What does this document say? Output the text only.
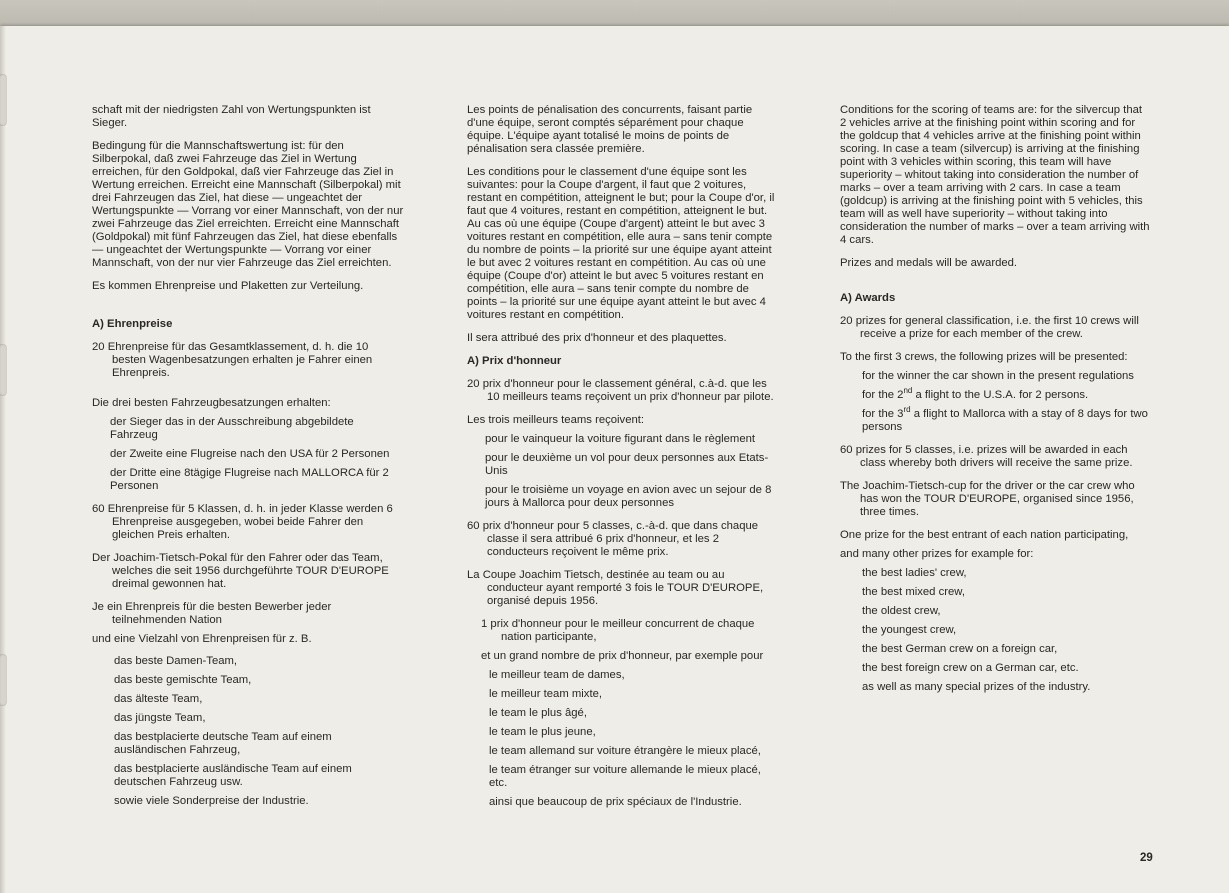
schaft mit der niedrigsten Zahl von Wertungspunkten ist Sieger.

Bedingung für die Mannschaftswertung ist: für den Silberpokal, daß zwei Fahrzeuge das Ziel in Wertung erreichen, für den Goldpokal, daß vier Fahrzeuge das Ziel in Wertung erreichen. Erreicht eine Mannschaft (Silberpokal) mit drei Fahrzeugen das Ziel, hat diese — ungeachtet der Wertungspunkte — Vorrang vor einer Mannschaft, von der nur zwei Fahrzeuge das Ziel erreichten. Erreicht eine Mannschaft (Goldpokal) mit fünf Fahrzeugen das Ziel, hat diese ebenfalls — ungeachtet der Wertungspunkte — Vorrang vor einer Mannschaft, von der nur vier Fahrzeuge das Ziel erreichten.

Es kommen Ehrenpreise und Plaketten zur Verteilung.

A) Ehrenpreise

20 Ehrenpreise für das Gesamtklassement, d. h. die 10 besten Wagenbesatzungen erhalten je Fahrer einen Ehrenpreis.

Die drei besten Fahrzeugbesatzungen erhalten:

der Sieger das in der Ausschreibung abgebildete Fahrzeug

der Zweite eine Flugreise nach den USA für 2 Personen

der Dritte eine 8tägige Flugreise nach MALLORCA für 2 Personen

60 Ehrenpreise für 5 Klassen, d. h. in jeder Klasse werden 6 Ehrenpreise ausgegeben, wobei beide Fahrer den gleichen Preis erhalten.

Der Joachim-Tietsch-Pokal für den Fahrer oder das Team, welches die seit 1956 durchgeführte TOUR D'EUROPE dreimal gewonnen hat.

Je ein Ehrenpreis für die besten Bewerber jeder teilnehmenden Nation

und eine Vielzahl von Ehrenpreisen für z. B.

das beste Damen-Team,

das beste gemischte Team,

das älteste Team,

das jüngste Team,

das bestplacierte deutsche Team auf einem ausländischen Fahrzeug,

das bestplacierte ausländische Team auf einem deutschen Fahrzeug usw.

sowie viele Sonderpreise der Industrie.

Les points de pénalisation des concurrents, faisant partie d'une équipe, seront comptés séparément pour chaque équipe. L'équipe ayant totalisé le moins de points de pénalisation sera classée première.

Les conditions pour le classement d'une équipe sont les suivantes: pour la Coupe d'argent, il faut que 2 voitures, restant en compétition, atteignent le but; pour la Coupe d'or, il faut que 4 voitures, restant en compétition, atteignent le but. Au cas où une équipe (Coupe d'argent) atteint le but avec 3 voitures restant en compétition, elle aura – sans tenir compte du nombre de points – la priorité sur une équipe ayant atteint le but avec 2 voitures restant en compétition. Au cas où une équipe (Coupe d'or) atteint le but avec 5 voitures restant en compétition, elle aura – sans tenir compte du nombre de points – la priorité sur une équipe ayant atteint le but avec 4 voitures restant en compétition.

Il sera attribué des prix d'honneur et des plaquettes.

A) Prix d'honneur

20 prix d'honneur pour le classement général, c.à-d. que les 10 meilleurs teams reçoivent un prix d'honneur par pilote.

Les trois meilleurs teams reçoivent:

pour le vainqueur la voiture figurant dans le règlement

pour le deuxième un vol pour deux personnes aux Etats-Unis

pour le troisième un voyage en avion avec un sejour de 8 jours à Mallorca pour deux personnes

60 prix d'honneur pour 5 classes, c.-à-d. que dans chaque classe il sera attribué 6 prix d'honneur, et les 2 conducteurs reçoivent le même prix.

La Coupe Joachim Tietsch, destinée au team ou au conducteur ayant remporté 3 fois le TOUR D'EUROPE, organisé depuis 1956.

1 prix d'honneur pour le meilleur concurrent de chaque nation participante,

et un grand nombre de prix d'honneur, par exemple pour

le meilleur team de dames,

le meilleur team mixte,

le team le plus âgé,

le team le plus jeune,

le team allemand sur voiture étrangère le mieux placé,

le team étranger sur voiture allemande le mieux placé, etc.

ainsi que beaucoup de prix spéciaux de l'Industrie.

Conditions for the scoring of teams are: for the silvercup that 2 vehicles arrive at the finishing point within scoring and for the goldcup that 4 vehicles arrive at the finishing point within scoring. In case a team (silvercup) is arriving at the finishing point with 3 vehicles within scoring, this team will have superiority – whitout taking into consideration the number of marks – over a team arriving with 2 cars. In case a team (goldcup) is arriving at the finishing point with 5 vehicles, this team will as well have superiority – without taking into consideration the number of marks – over a team arriving with 4 cars.

Prizes and medals will be awarded.

A) Awards

20 prizes for general classification, i.e. the first 10 crews will receive a prize for each member of the crew.

To the first 3 crews, the following prizes will be presented:

for the winner the car shown in the present regulations

for the 2nd a flight to the U.S.A. for 2 persons.

for the 3rd a flight to Mallorca with a stay of 8 days for two persons

60 prizes for 5 classes, i.e. prizes will be awarded in each class whereby both drivers will receive the same prize.

The Joachim-Tietsch-cup for the driver or the car crew who has won the TOUR D'EUROPE, organised since 1956, three times.

One prize for the best entrant of each nation participating,

and many other prizes for example for:

the best ladies' crew,

the best mixed crew,

the oldest crew,

the youngest crew,

the best German crew on a foreign car,

the best foreign crew on a German car, etc.

as well as many special prizes of the industry.

29
